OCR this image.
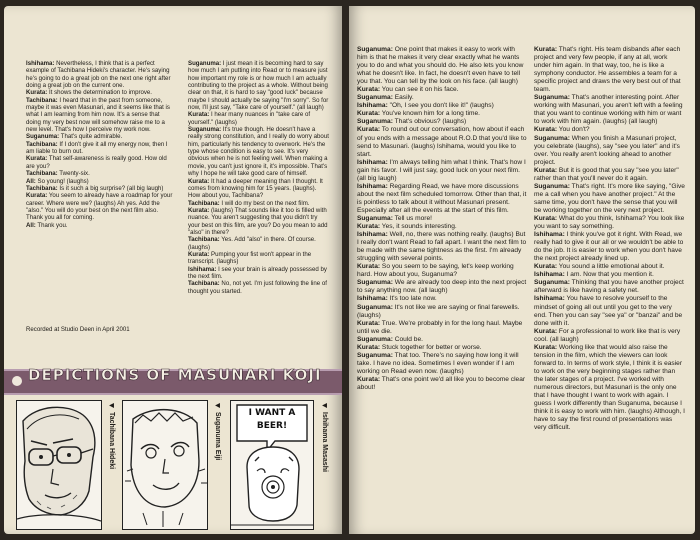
Ishihama: Nevertheless, I think that is a perfect example of Tachibana Hideki's character. He's saying he's going to do a great job on the next one right after doing a great job on the current one.

Kurata: It shows the determination to improve.

Tachibana: I heard that in the past from someone, maybe it was even Masunari, and it seems like that is what I am learning from him now. It's a sense that doing my very best now will somehow raise me to a new level. That's how I perceive my work now.

Suganuma: That's quite admirable.

Tachibana: If I don't give it all my energy now, then I am liable to burn out.

Kurata: That self-awareness is really good. How old are you?

Tachibana: Twenty-six.

All: So young! (laughs)

Tachibana: Is it such a big surprise? (all big laugh)

Kurata: You seem to already have a roadmap for your career. Where were we? (laughs) Ah yes. Add the "also." You will do your best on the next film also. Thank you all for coming.

All: Thank you.

Recorded at Studio Deen in April 2001

Suganuma: I just mean it is becoming hard to say how much I am putting into Read or to measure just how important my role is or how much I am actually contributing to the project as a whole. Without being clear on that, it is hard to say "good luck" because maybe I should actually be saying "I'm sorry". So for now, I'll just say, "Take care of yourself." (all laugh)

Kurata: I hear many nuances in "take care of yourself." (laughs)

Suganuma: It's true though. He doesn't have a really strong constitution, and I really do worry about him, particularly his tendency to overwork. He's the type whose condition is easy to see. It's very obvious when he is not feeling well. When making a movie, you can't just ignore it, it's impossible. That's why I hope he will take good care of himself.

Kurata: It had a deeper meaning than I thought. It comes from knowing him for 15 years. (laughs). How about you, Tachibana?

Tachibana: I will do my best on the next film.

Kurata: (laughs) That sounds like it too is filled with nuance. You aren't suggesting that you didn't try your best on this film, are you? Do you mean to add "also" in there?

Tachibana: Yes. Add "also" in there. Of course. (laughs)

Kurata: Pumping your fist won't appear in the transcript. (laughs)

Ishihama: I see your brain is already possessed by the next film.

Tachibana: No, not yet. I'm just following the line of thought you started.

DEPICTIONS OF MASUNARI KOJI
◀Tachibana Hideki
◀Suganuma Eiji	I WANT A BEER!
◀Ishihama Masashi

Suganuma: One point that makes it easy to work with him is that he makes it very clear exactly what he wants you to do and what you should do. He also lets you know what he doesn't like. In fact, he doesn't even have to tell you that. You can tell by the look on his face. (all laugh)

Kurata: You can see it on his face.

Suganuma: Easily.

Ishihama: "Oh, I see you don't like it!" (laughs)

Kurata: You've known him for a long time.

Suganuma: That's obvious? (laughs)

Kurata: To round out our conversation, how about if each of you ends with a message about R.O.D that you'd like to send to Masunari. (laughs) Ishihama, would you like to start.

Ishihama: I'm always telling him what I think. That's how I gain his favor. I will just say, good luck on your next film. (all big laugh)

Ishihama: Regarding Read, we have more discussions about the next film scheduled tomorrow. Other than that, it is pointless to talk about it without Masunari present. Especially after all the events at the start of this film.

Suganuma: Tell us more!

Kurata: Yes, it sounds interesting.

Ishihama: Well, no, there was nothing really. (laughs) But I really don't want Read to fall apart. I want the next film to be made with the same tightness as the first. I'm already struggling with several points.

Kurata: So you seem to be saying, let's keep working hard. How about you, Suganuma?

Suganuma: We are already too deep into the next project to say anything now. (all laugh)

Ishihama: It's too late now.

Suganuma: It's not like we are saying or final farewells. (laughs)

Kurata: True. We're probably in for the long haul. Maybe until we die.

Suganuma: Could be.

Kurata: Stuck together for better or worse.

Suganuma: That too. There's no saying how long it will take. I have no idea. Sometimes I even wonder if I am working on Read even now. (laughs)

Kurata: That's one point we'd all like you to become clear about!

Kurata: That's right. His team disbands after each project and very few people, if any at all, work under him again. In that way, too, he is like a symphony conductor. He assembles a team for a specific project and draws the very best out of that team.

Suganuma: That's another interesting point. After working with Masunari, you aren't left with a feeling that you want to continue working with him or want to work with him again. (laughs) (all laugh)

Kurata: You don't?

Suganuma: When you finish a Masunari project, you celebrate (laughs), say "see you later" and it's over. You really aren't looking ahead to another project.

Kurata: But it is good that you say "see you later" rather than that you'll never do it again.

Suganuma: That's right. It's more like saying, "Give me a call when you have another project." At the same time, you don't have the sense that you will be working together on the very next project.

Kurata: What do you think, Ishihama? You look like you want to say something.

Ishihama: I think you've got it right. With Read, we really had to give it our all or we wouldn't be able to do the job. It is easier to work when you don't have the next project already lined up.

Kurata: You sound a little emotional about it.

Ishihama: I am. Now that you mention it.

Suganuma: Thinking that you have another project afterward is like having a safety net.

Ishihama: You have to resolve yourself to the mindset of going all out until you get to the very end. Then you can say "see ya" or "banzai" and be done with it.

Kurata: For a professional to work like that is very cool. (all laugh)

Kurata: Working like that would also raise the tension in the film, which the viewers can look forward to. In terms of work style, I think it is easier to work on the very beginning stages rather than the later stages of a project. I've worked with numerous directors, but Masunari is the only one that I have thought I want to work with again. I guess I work differently than Suganuma, because I think it is easy to work with him. (laughs) Although, I have to say the first round of presentations was very difficult.
